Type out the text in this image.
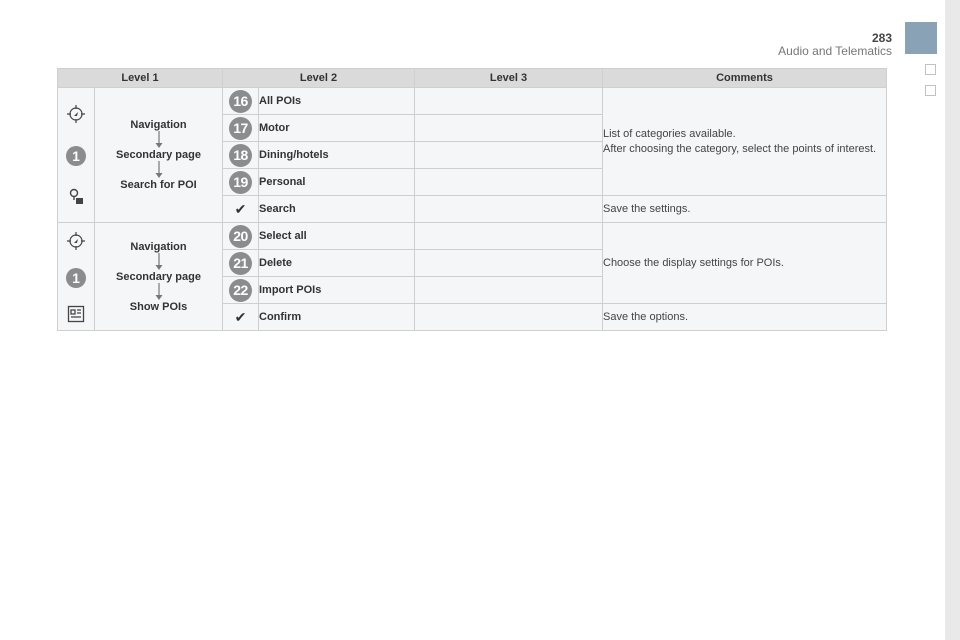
283
Audio and Telematics
Level 1		Level 2		Level 3	Comments

1	Navigation
Secondary page
Search for POI	16	All POIs		List of categories available.
After choosing the category, select the points of interest.
		17	Motor		
		18	Dining/hotels		
		19	Personal		
		✔	Search		Save the settings.

1	Navigation
Secondary page
Show POIs	20	Select all		Choose the display settings for POIs.
		21	Delete		
		22	Import POIs		
		✔	Confirm		Save the options.
